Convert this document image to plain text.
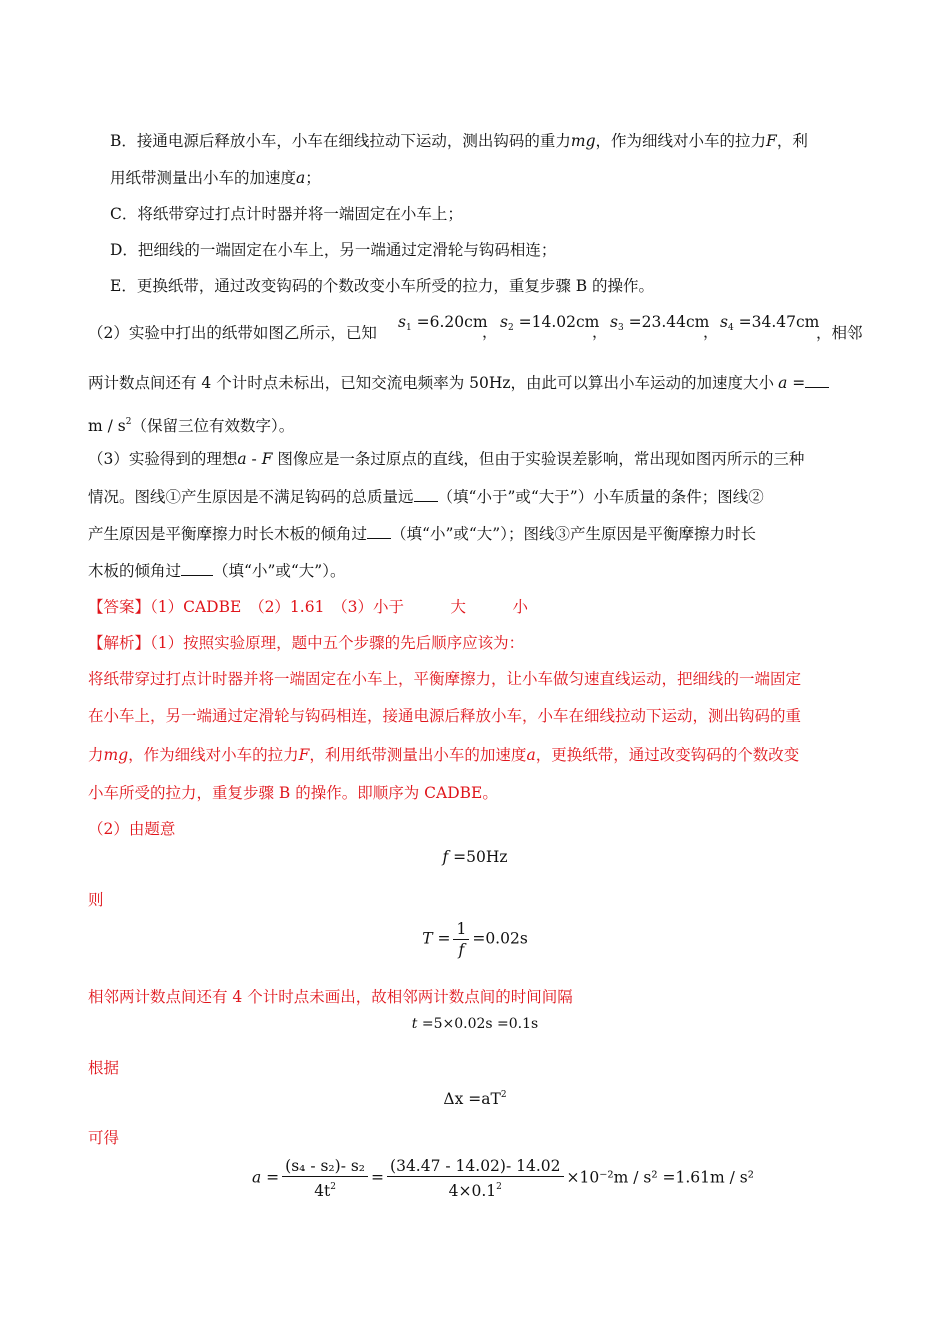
B．接通电源后释放小车，小车在细线拉动下运动，测出钩码的重力mg，作为细线对小车的拉力F，利
用纸带测量出小车的加速度a；
C．将纸带穿过打点计时器并将一端固定在小车上；
D．把细线的一端固定在小车上，另一端通过定滑轮与钩码相连；
E．更换纸带，通过改变钩码的个数改变小车所受的拉力，重复步骤 B 的操作。
（2）实验中打出的纸带如图乙所示，已知
$s_1 =6.20cm$
，
$s_2 =14.02cm$
，
$s_3 =23.44cm$
，
$s_4 =34.47cm$
，相邻
两计数点间还有 4 个计时点未标出，已知交流电频率为 50Hz，由此可以算出小车运动的加速度大小 a =
m / $s^2$（保留三位有效数字）。
（3）实验得到的理想a - F 图像应是一条过原点的直线，但由于实验误差影响，常出现如图丙所示的三种
情况。图线①产生原因是不满足钩码的总质量远 （填“小于”或“大于”）小车质量的条件；图线②
产生原因是平衡摩擦力时长木板的倾角过 （填“小”或“大”）；图线③产生原因是平衡摩擦力时长
木板的倾角过 （填“小”或“大”）。
【答案】（1）CADBE　（2）1.61　（3）小于　　　大　　　小
【解析】（1）按照实验原理，题中五个步骤的先后顺序应该为：
将纸带穿过打点计时器并将一端固定在小车上，平衡摩擦力，让小车做匀速直线运动，把细线的一端固定
在小车上，另一端通过定滑轮与钩码相连，接通电源后释放小车，小车在细线拉动下运动，测出钩码的重
力mg，作为细线对小车的拉力F，利用纸带测量出小车的加速度a，更换纸带，通过改变钩码的个数改变
小车所受的拉力，重复步骤 B 的操作。即顺序为 CADBE。
（2）由题意
f =50Hz
则
$T = \frac{1}{f} =0.02s$
相邻两计数点间还有 4 个计时点未画出，故相邻两计数点间的时间间隔
t =5×0.02s =0.1s
根据
$\Delta x =aT^2$
可得
$a = \frac{\text{(s₄ - s₂)- s₂}}{4t^2} = \frac{(34.47 - 14.02)- 14.02}{4\times 0.1^2} \times 10^{-2}m / s^2 =1.61m / s^2$
